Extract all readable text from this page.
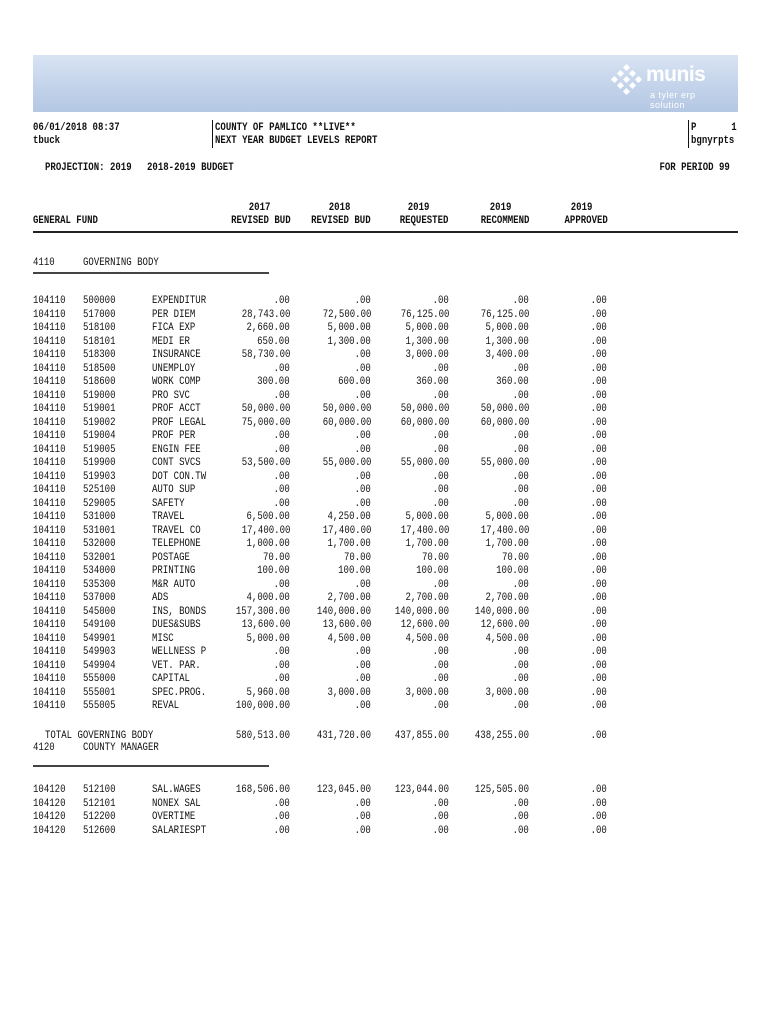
munis
a tyler erp solution
06/01/2018 08:37
tbuck
COUNTY OF PAMLICO **LIVE**
NEXT YEAR BUDGET LEVELS REPORT
P	1
bgnyrpts
PROJECTION: 2019 2018-2019 BUDGET	FOR PERIOD 99
2017
REVISED BUD
2018
REVISED BUD
2019
REQUESTED
2019
RECOMMEND
2019
APPROVED
GENERAL FUND
4110	GOVERNING BODY
104110 500000	EXPENDITUR	.00	.00	.00	.00	.00
104110 517000	PER DIEM	28,743.00	72,500.00	76,125.00	76,125.00	.00
104110 518100	FICA EXP	2,660.00	5,000.00	5,000.00	5,000.00	.00
104110 518101	MEDI ER	650.00	1,300.00	1,300.00	1,300.00	.00
104110 518300	INSURANCE	58,730.00	.00	3,000.00	3,400.00	.00
104110 518500	UNEMPLOY	.00	.00	.00	.00	.00
104110 518600	WORK COMP	300.00	600.00	360.00	360.00	.00
104110 519000	PRO SVC	.00	.00	.00	.00	.00
104110 519001	PROF ACCT	50,000.00	50,000.00	50,000.00	50,000.00	.00
104110 519002	PROF LEGAL	75,000.00	60,000.00	60,000.00	60,000.00	.00
104110 519004	PROF PER	.00	.00	.00	.00	.00
104110 519005	ENGIN FEE	.00	.00	.00	.00	.00
104110 519900	CONT SVCS	53,500.00	55,000.00	55,000.00	55,000.00	.00
104110 519903	DOT CON.TW	.00	.00	.00	.00	.00
104110 525100	AUTO SUP	.00	.00	.00	.00	.00
104110 529005	SAFETY	.00	.00	.00	.00	.00
104110 531000	TRAVEL	6,500.00	4,250.00	5,000.00	5,000.00	.00
104110 531001	TRAVEL CO	17,400.00	17,400.00	17,400.00	17,400.00	.00
104110 532000	TELEPHONE	1,000.00	1,700.00	1,700.00	1,700.00	.00
104110 532001	POSTAGE	70.00	70.00	70.00	70.00	.00
104110 534000	PRINTING	100.00	100.00	100.00	100.00	.00
104110 535300	M&R AUTO	.00	.00	.00	.00	.00
104110 537000	ADS	4,000.00	2,700.00	2,700.00	2,700.00	.00
104110 545000	INS, BONDS	157,300.00 140,000.00 140,000.00 140,000.00	.00
104110 549100	DUES&SUBS	13,600.00	13,600.00	12,600.00	12,600.00	.00
104110 549901	MISC	5,000.00	4,500.00	4,500.00	4,500.00	.00
104110 549903	WELLNESS P	.00	.00	.00	.00	.00
104110 549904	VET. PAR.	.00	.00	.00	.00	.00
104110 555000	CAPITAL	.00	.00	.00	.00	.00
104110 555001	SPEC.PROG.	5,960.00	3,000.00	3,000.00	3,000.00	.00
104110 555005	REVAL	100,000.00	.00	.00	.00	.00
TOTAL GOVERNING BODY	580,513.00 431,720.00 437,855.00 438,255.00	.00
4120	COUNTY MANAGER
104120 512100	SAL.WAGES	168,506.00 123,045.00 123,044.00 125,505.00	.00
104120 512101	NONEX SAL	.00	.00	.00	.00	.00
104120 512200	OVERTIME	.00	.00	.00	.00	.00
104120 512600	SALARIESPT	.00	.00	.00	.00	.00
